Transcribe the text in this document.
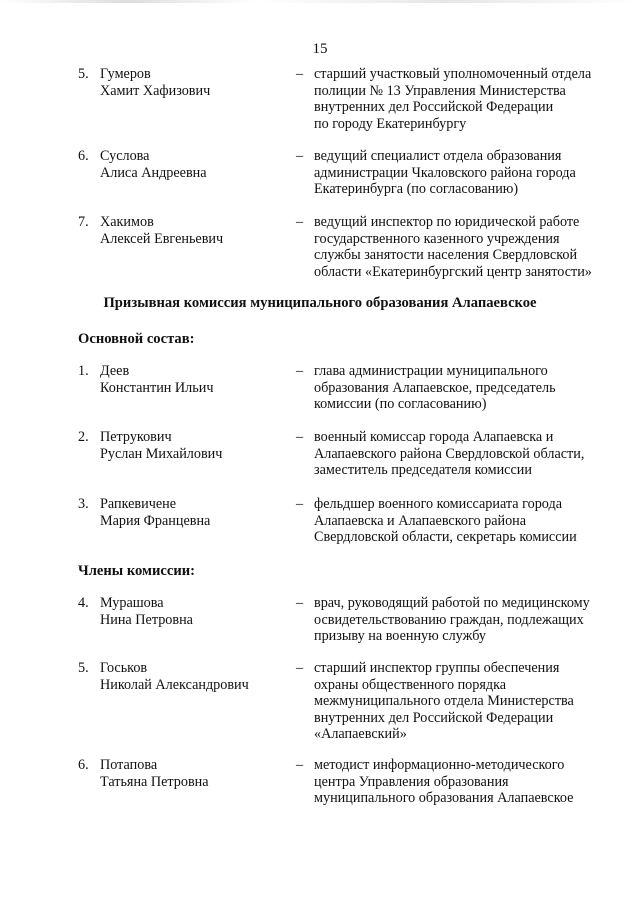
15
5. Гумеров
Хамит Хафизович
– старший участковый уполномоченный отдела
полиции № 13 Управления Министерства
внутренних дел Российской Федерации
по городу Екатеринбургу
6. Суслова
Алиса Андреевна
– ведущий специалист отдела образования
администрации Чкаловского района города
Екатеринбурга (по согласованию)
7. Хакимов
Алексей Евгеньевич
– ведущий инспектор по юридической работе
государственного казенного учреждения
службы занятости населения Свердловской
области «Екатеринбургский центр занятости»
Призывная комиссия муниципального образования Алапаевское
Основной состав:
1. Деев
Константин Ильич
– глава администрации муниципального
образования Алапаевское, председатель
комиссии (по согласованию)
2. Петрукович
Руслан Михайлович
– военный комиссар города Алапаевска и
Алапаевского района Свердловской области,
заместитель председателя комиссии
3. Рапкевичене
Мария Францевна
– фельдшер военного комиссариата города
Алапаевска и Алапаевского района
Свердловской области, секретарь комиссии
Члены комиссии:
4. Мурашова
Нина Петровна
– врач, руководящий работой по медицинскому
освидетельствованию граждан, подлежащих
призыву на военную службу
5. Госьков
Николай Александрович
– старший инспектор группы обеспечения
охраны общественного порядка
межмуниципального отдела Министерства
внутренних дел Российской Федерации
«Алапаевский»
6. Потапова
Татьяна Петровна
– методист информационно-методического
центра Управления образования
муниципального образования Алапаевское
